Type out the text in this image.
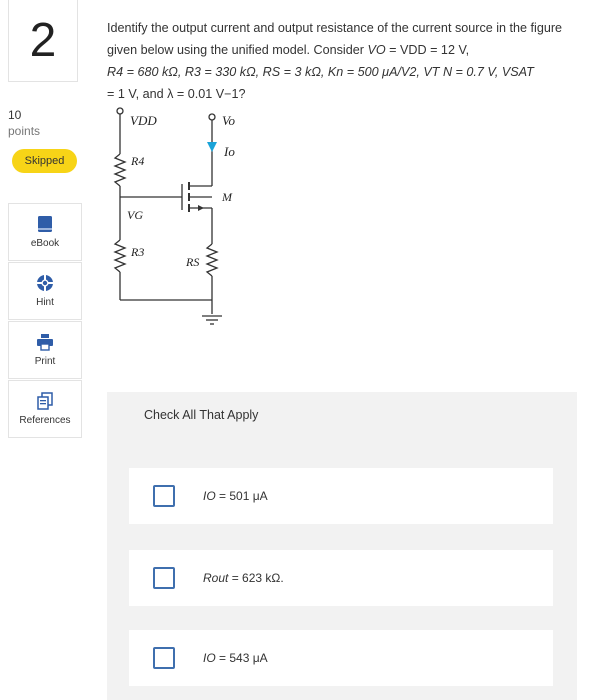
2
10
points
Skipped
eBook
Hint
Print
References
Identify the output current and output resistance of the current source in the figure given below using the unified model. Consider VO = VDD = 12 V,
R4 = 680 kΩ, R3 = 330 kΩ, RS = 3 kΩ, Kn = 500 μA/V2, VT N = 0.7 V, VSAT
= 1 V, and λ = 0.01 V−1?
VDD	Vo
R4
Io
M
VG
R3
RS
Check All That Apply
IO = 501 μA
Rout = 623 kΩ.
IO = 543 μA
